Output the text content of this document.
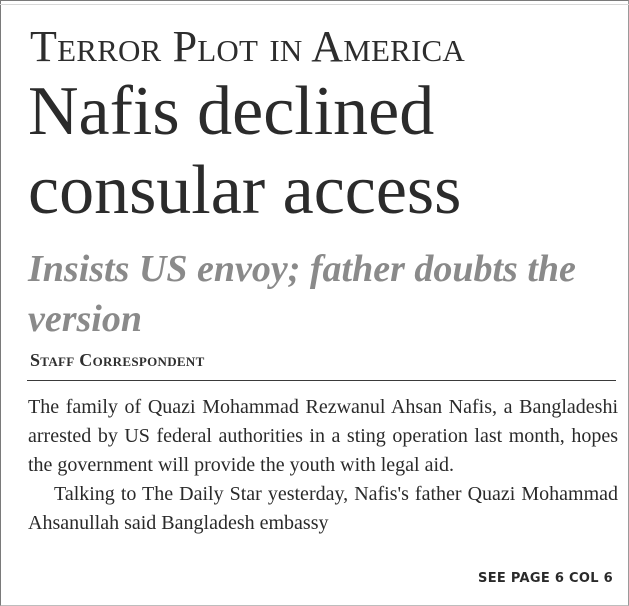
Terror Plot in America
Nafis declined
consular access
Insists US envoy; father doubts the version
Staff Correspondent

The family of Quazi Mohammad Rezwanul Ahsan Nafis, a Bangladeshi arrested by US federal authorities in a sting operation last month, hopes the government will provide the youth with legal aid.

Talking to The Daily Star yesterday, Nafis's father Quazi Mohammad Ahsanullah said Bangladesh embassy

SEE PAGE 6 COL 6
